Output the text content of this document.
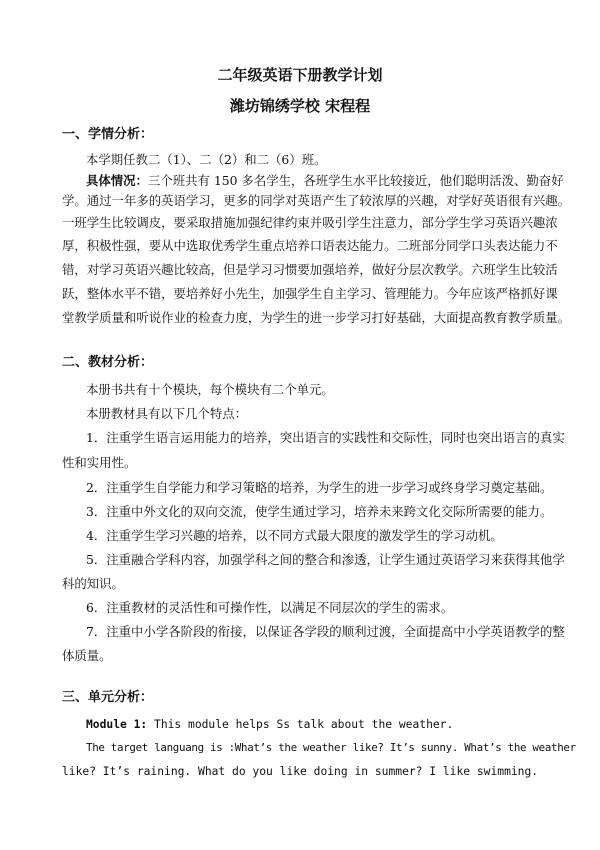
二年级英语下册教学计划
潍坊锦绣学校 宋程程
一、学情分析：
本学期任教二（1）、二（2）和二（6）班。
具体情况：三个班共有 150 多名学生，各班学生水平比较接近，他们聪明活泼、勤奋好
学。通过一年多的英语学习，更多的同学对英语产生了较浓厚的兴趣，对学好英语很有兴趣。
一班学生比较调皮，要采取措施加强纪律约束并吸引学生注意力，部分学生学习英语兴趣浓
厚，积极性强，要从中选取优秀学生重点培养口语表达能力。二班部分同学口头表达能力不
错，对学习英语兴趣比较高，但是学习习惯要加强培养，做好分层次教学。六班学生比较活
跃，整体水平不错，要培养好小先生，加强学生自主学习、管理能力。今年应该严格抓好课
堂教学质量和听说作业的检查力度，为学生的进一步学习打好基础，大面提高教育教学质量。
二、教材分析：
本册书共有十个模块，每个模块有二个单元。
本册教材具有以下几个特点：
1．注重学生语言运用能力的培养，突出语言的实践性和交际性，同时也突出语言的真实
性和实用性。
2．注重学生自学能力和学习策略的培养，为学生的进一步学习或终身学习奠定基础。
3．注重中外文化的双向交流，使学生通过学习，培养未来跨文化交际所需要的能力。
4．注重学生学习兴趣的培养，以不同方式最大限度的激发学生的学习动机。
5．注重融合学科内容，加强学科之间的整合和渗透，让学生通过英语学习来获得其他学
科的知识。
6．注重教材的灵活性和可操作性，以满足不同层次的学生的需求。
7．注重中小学各阶段的衔接，以保证各学段的顺利过渡，全面提高中小学英语教学的整
体质量。
三、单元分析：
Module 1: This module helps Ss talk about the weather.
The target languang is :What’s the weather like? It’s sunny. What’s the weather
like? It’s raining. What do you like doing in summer? I like swimming.
